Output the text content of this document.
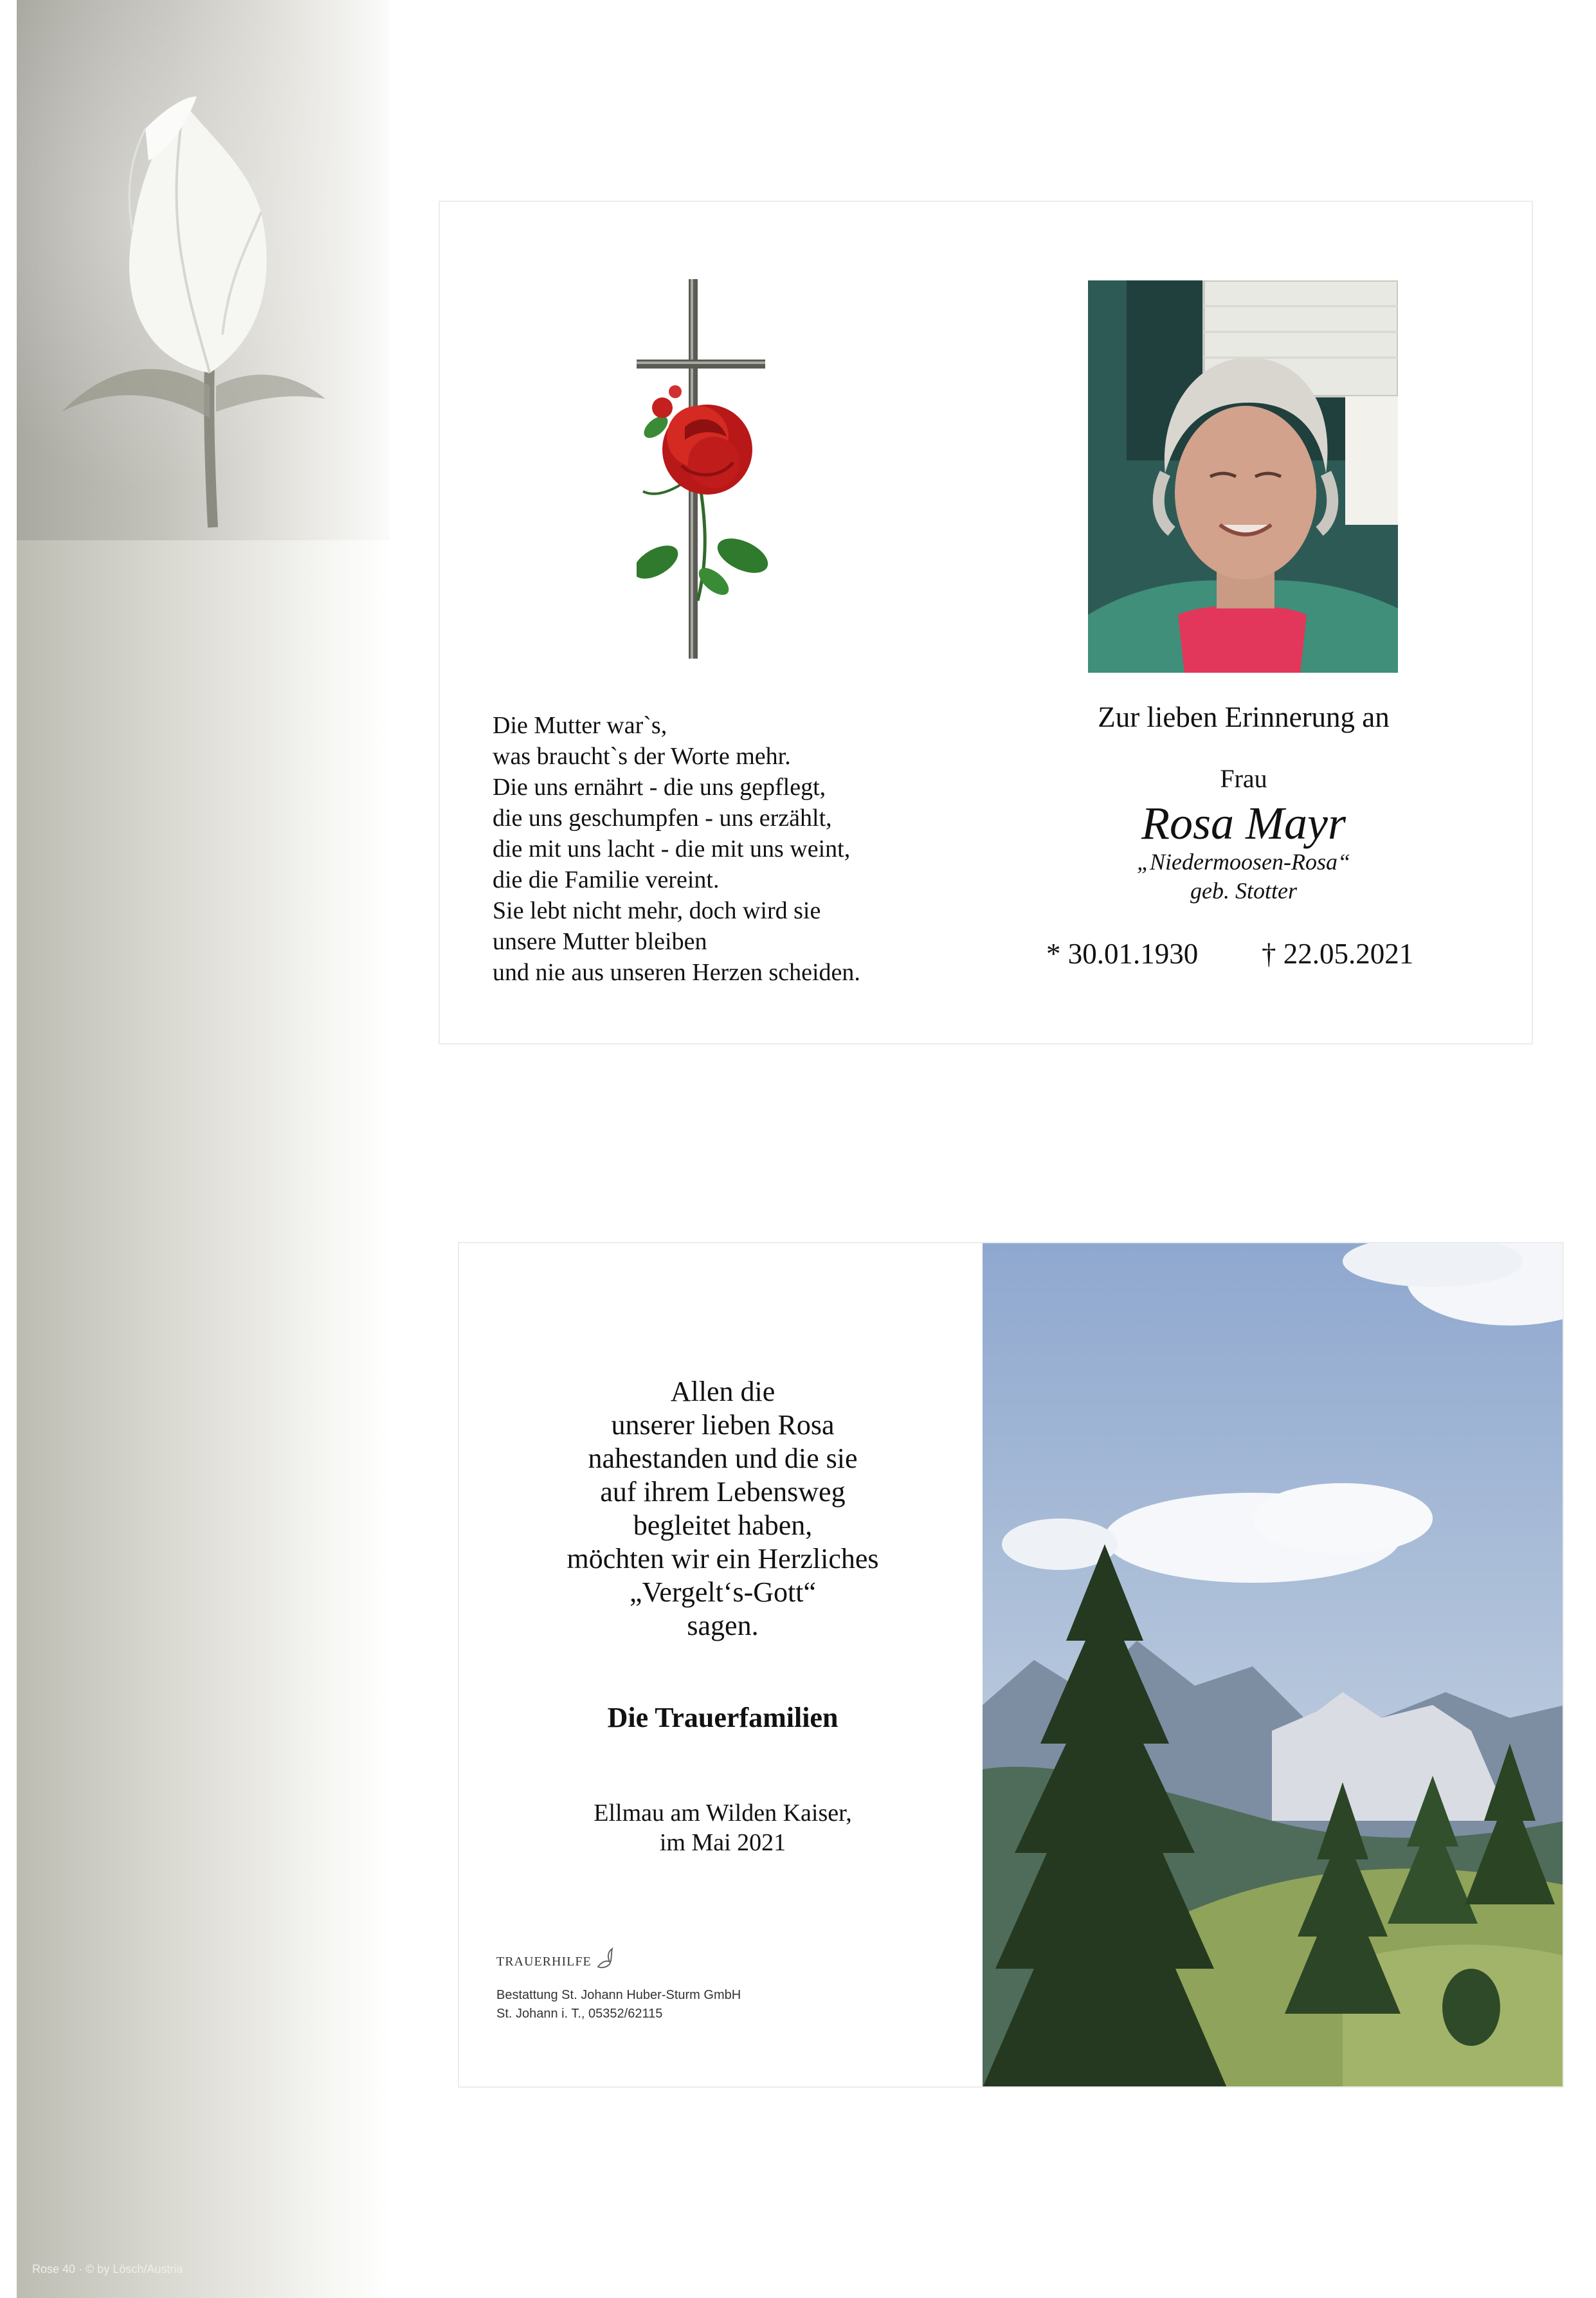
Rose 40 · © by Lösch/Austria
Die Mutter war`s,
was braucht`s der Worte mehr.
Die uns ernährt - die uns gepflegt,
die uns geschumpfen - uns erzählt,
die mit uns lacht - die mit uns weint,
die die Familie vereint.
Sie lebt nicht mehr, doch wird sie
unsere Mutter bleiben
und nie aus unseren Herzen scheiden.
Zur lieben Erinnerung an
Frau
Rosa Mayr
„Niedermoosen-Rosa“
geb. Stotter
* 30.01.1930 † 22.05.2021
Allen die
unserer lieben Rosa
nahestanden und die sie
auf ihrem Lebensweg
begleitet haben,
möchten wir ein Herzliches
„Vergelt‘s-Gott“
sagen.
Die Trauerfamilien
Ellmau am Wilden Kaiser,
im Mai 2021
TRAUERHILFE
Bestattung St. Johann Huber-Sturm GmbH
St. Johann i. T., 05352/62115
